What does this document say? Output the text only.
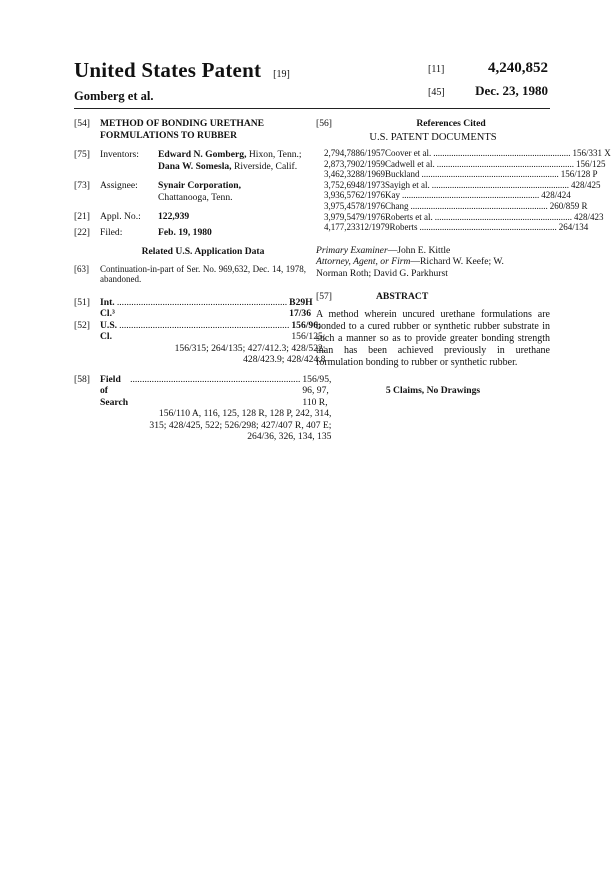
United States Patent [19]
Gomberg et al.
[11]	4,240,852
[45] Dec. 23, 1980
[54]	METHOD OF BONDING URETHANE FORMULATIONS TO RUBBER
[75]	Inventors:	Edward N. Gomberg, Hixon, Tenn.;
Dana W. Somesla, Riverside, Calif.
[73]	Assignee:	Synair Corporation,
Chattanooga, Tenn.
[21]	Appl. No.:	122,939
[22]	Filed:	Feb. 19, 1980
Related U.S. Application Data
[63]	Continuation-in-part of Ser. No. 969,632, Dec. 14, 1978, abandoned.
[51]	Int. Cl.³
....................................................................... B29H 17/36
[52]	U.S. Cl.
....................................................................... 156/96; 156/125;
156/315; 264/135; 427/412.3; 428/522;
428/423.9; 428/424.8
[58]	Field of Search
....................................................................... 156/95, 96, 97, 110 R,
156/110 A, 116, 125, 128 R, 128 P, 242, 314,
315; 428/425, 522; 526/298; 427/407 R, 407 E;
264/36, 326, 134, 135
[56]	References Cited
U.S. PATENT DOCUMENTS
2,794,788 6/1957 Coover et al. ............................................................. 156/331 X
2,873,790 2/1959 Cadwell et al. ............................................................. 156/125
3,462,328 8/1969 Buckland ............................................................. 156/128 P
3,752,694 8/1973 Sayigh et al. ............................................................. 428/425
3,936,576 2/1976 Kay ............................................................. 428/424
3,975,457 8/1976 Chang ............................................................. 260/859 R
3,979,547 9/1976 Roberts et al. ............................................................. 428/423
4,177,233 12/1979 Roberts ............................................................. 264/134
Primary Examiner—John E. Kittle
Attorney, Agent, or Firm—Richard W. Keefe; W.
Norman Roth; David G. Parkhurst
[57]	ABSTRACT
A method wherein uncured urethane formulations are bonded to a cured rubber or synthetic rubber substrate in such a manner so as to provide greater bonding strength than has been achieved previously in urethane formulation bonding to rubber or synthetic rubber.
5 Claims, No Drawings
